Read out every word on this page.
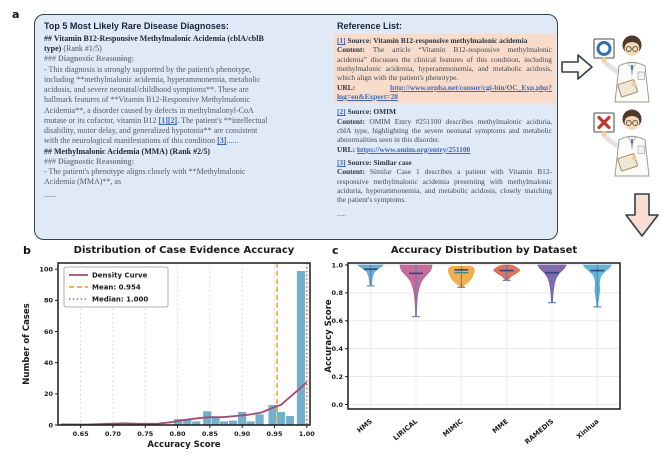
a

Top 5 Most Likely Rare Disease Diagnoses:

## Vitamin B12-Responsive Methylmalonic Acidemia (cblA/cblB type) (Rank #1/5)

### Diagnostic Reasoning:

- This diagnosis is strongly supported by the patient's phenotype, including **methylmalonic acidemia, hyperammonemia, metabolic acidosis, and severe neonatal/childhood symptoms**. These are hallmark features of **Vitamin B12-Responsive Methylmalonic Acidemia**, a disorder caused by defects in methylmalonyl-CoA mutase or its cofactor, vitamin B12 [1][2]. The patient's **intellectual disability, motor delay, and generalized hypotonia** are consistent with the neurological manifestations of this condition [3]......

## Methylmalonic Acidemia (MMA) (Rank #2/5)

### Diagnostic Reasoning:

- The patient's phenotype aligns closely with **Methylmalonic Acidemia (MMA)**, as

......

Reference List:

[1] Source: Vitamin B12-responsive methylmalonic acidemia

Content: The article “Vitamin B12-responsive methylmalonic acidemia” discusses the clinical features of this condition, including methylmalonic acidemia, hyperammonemia, and metabolic acidosis, which align with the patient's phenotype.

URL: http://www.orpha.net/consor/cgi-bin/OC_Exp.php?lng=en&Expert=28

[2] Source: OMIM

Content: OMIM Entry #251100 describes methylmalonic aciduria, cblA type, highlighting the severe neonatal symptoms and metabolic abnormalities seen in this disorder.

URL: https://www.omim.org/entry/251100

[3] Source: Similar case

Content: Similar Case 1 describes a patient with Vitamin B12-responsive methylmalonic acidemia presenting with methylmalonic aciduria, hyperammonemia, and metabolic acidosis, closely matching the patient's symptoms.

.....

b
0.65	0.70	0.75	0.80	0.85	0.90	0.95	1.00
0
20
40
60
80
100
Distribution of Case Evidence Accuracy
Accuracy Score
Number of Cases
Density Curve
Mean: 0.954
Median: 1.000
c
HMS	LIRICAL	MIMIC	MME RAMEDIS	Xinhua
0.0
0.2
0.4
0.6
0.8
1.0
Accuracy Distribution by Dataset
Accuracy Score
